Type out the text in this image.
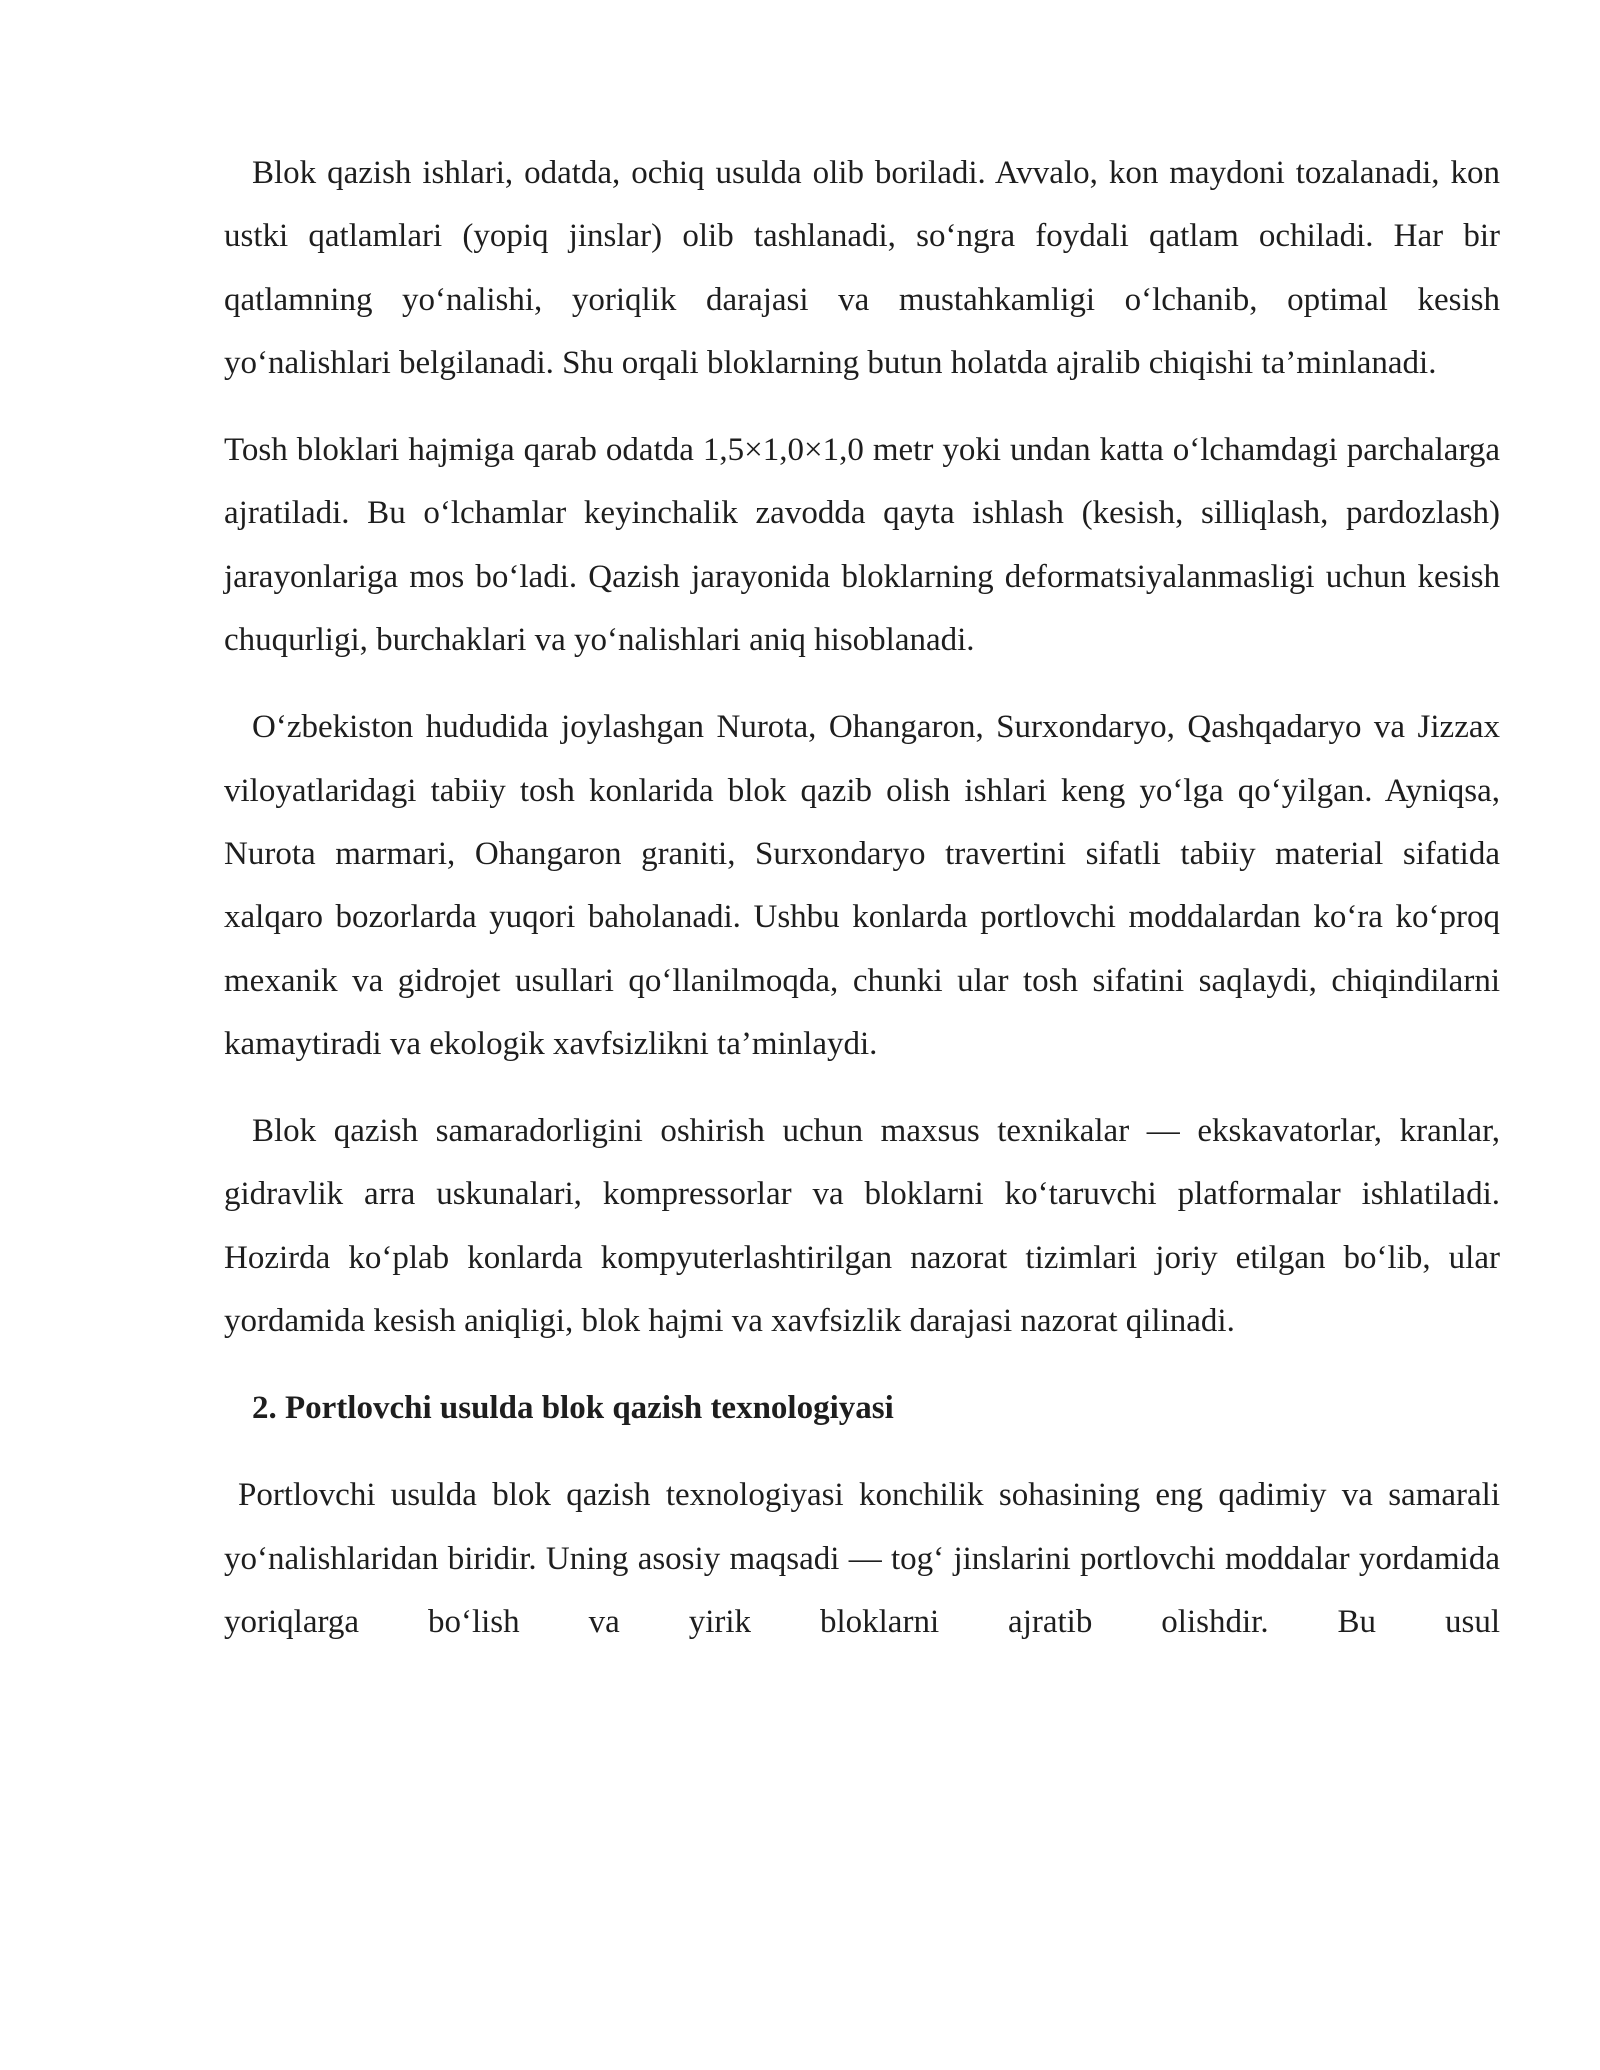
Blok qazish ishlari, odatda, ochiq usulda olib boriladi. Avvalo, kon maydoni tozalanadi, kon ustki qatlamlari (yopiq jinslar) olib tashlanadi, so‘ngra foydali qatlam ochiladi. Har bir qatlamning yo‘nalishi, yoriqlik darajasi va mustahkamligi o‘lchanib, optimal kesish yo‘nalishlari belgilanadi. Shu orqali bloklarning butun holatda ajralib chiqishi ta’minlanadi.

Tosh bloklari hajmiga qarab odatda 1,5×1,0×1,0 metr yoki undan katta o‘lchamdagi parchalarga ajratiladi. Bu o‘lchamlar keyinchalik zavodda qayta ishlash (kesish, silliqlash, pardozlash) jarayonlariga mos bo‘ladi. Qazish jarayonida bloklarning deformatsiyalanmasligi uchun kesish chuqurligi, burchaklari va yo‘nalishlari aniq hisoblanadi.

O‘zbekiston hududida joylashgan Nurota, Ohangaron, Surxondaryo, Qashqadaryo va Jizzax viloyatlaridagi tabiiy tosh konlarida blok qazib olish ishlari keng yo‘lga qo‘yilgan. Ayniqsa, Nurota marmari, Ohangaron graniti, Surxondaryo travertini sifatli tabiiy material sifatida xalqaro bozorlarda yuqori baholanadi. Ushbu konlarda portlovchi moddalardan ko‘ra ko‘proq mexanik va gidrojet usullari qo‘llanilmoqda, chunki ular tosh sifatini saqlaydi, chiqindilarni kamaytiradi va ekologik xavfsizlikni ta’minlaydi.

Blok qazish samaradorligini oshirish uchun maxsus texnikalar — ekskavatorlar, kranlar, gidravlik arra uskunalari, kompressorlar va bloklarni ko‘taruvchi platformalar ishlatiladi. Hozirda ko‘plab konlarda kompyuterlashtirilgan nazorat tizimlari joriy etilgan bo‘lib, ular yordamida kesish aniqligi, blok hajmi va xavfsizlik darajasi nazorat qilinadi.

2. Portlovchi usulda blok qazish texnologiyasi

Portlovchi usulda blok qazish texnologiyasi konchilik sohasining eng qadimiy va samarali yo‘nalishlaridan biridir. Uning asosiy maqsadi — tog‘ jinslarini portlovchi moddalar yordamida yoriqlarga bo‘lish va yirik bloklarni ajratib olishdir. Bu usul
